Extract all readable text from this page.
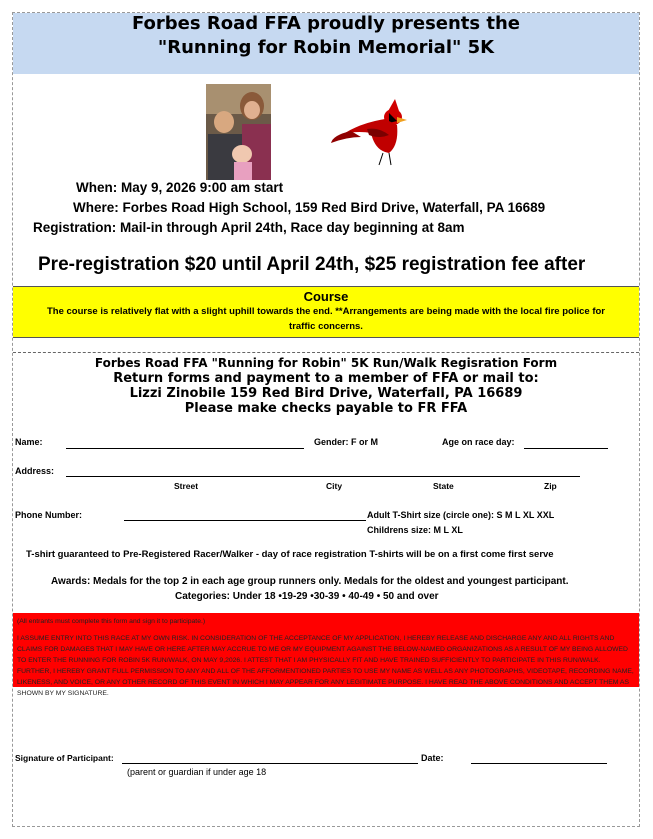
Forbes Road FFA proudly presents the
"Running for Robin Memorial" 5K
When: May 9, 2026 9:00 am start
Where: Forbes Road High School, 159 Red Bird Drive, Waterfall, PA 16689
Registration: Mail-in through April 24th, Race day beginning at 8am
Pre-registration $20 until April 24th, $25 registration fee after
Course
The course is relatively flat with a slight uphill towards the end. **Arrangements are being made with the local fire police for traffic concerns.
Forbes Road FFA "Running for Robin" 5K Run/Walk Regisration Form
Return forms and payment to a member of FFA or mail to:
Lizzi Zinobile 159 Red Bird Drive, Waterfall, PA 16689
Please make checks payable to FR FFA
Name:	Gender: F or M	Age on race day:
Address:
Street	City	State	Zip
Phone Number:	Adult T-Shirt size (circle one): S M L XL XXL
Childrens size: M L XL
T-shirt guaranteed to Pre-Registered Racer/Walker - day of race registration T-shirts will be on a first come first serve
Awards: Medals for the top 2 in each age group runners only. Medals for the oldest and youngest participant.
Categories: Under 18 •19-29 •30-39 • 40-49 • 50 and over
(All entrants must complete this form and sign it to participate.)
I ASSUME ENTRY INTO THIS RACE AT MY OWN RISK. IN CONSIDERATION OF THE ACCEPTANCE OF MY APPLICATION, I HEREBY RELEASE AND DISCHARGE ANY AND ALL RIGHTS AND CLAIMS FOR DAMAGES THAT I MAY HAVE OR HERE AFTER MAY ACCRUE TO ME OR MY EQUIPMENT AGAINST THE BELOW-NAMED ORGANIZATIONS AS A RESULT OF MY BEING ALLOWED TO ENTER THE RUNNING FOR ROBIN 5K RUN/WALK, ON MAY 9,2026. I ATTEST THAT I AM PHYSICALLY FIT AND HAVE TRAINED SUFFICIENTLY TO PARTICIPATE IN THIS RUN/WALK. FURTHER, I HEREBY GRANT FULL PERMISSION TO ANY AND ALL OF THE AFFORMENTIONED PARTIES TO USE MY NAME AS WELL AS ANY PHOTOGRAPHS, VIDEOTAPE, RECORDING NAME, LIKENESS, AND VOICE, OR ANY OTHER RECORD OF THIS EVENT IN WHICH I MAY APPEAR FOR ANY LEGITIMATE PURPOSE. I HAVE READ THE ABOVE CONDITIONS AND ACCEPT THEM AS SHOWN BY MY SIGNATURE.
Signature of Participant:	Date:
(parent or guardian if under age 18
